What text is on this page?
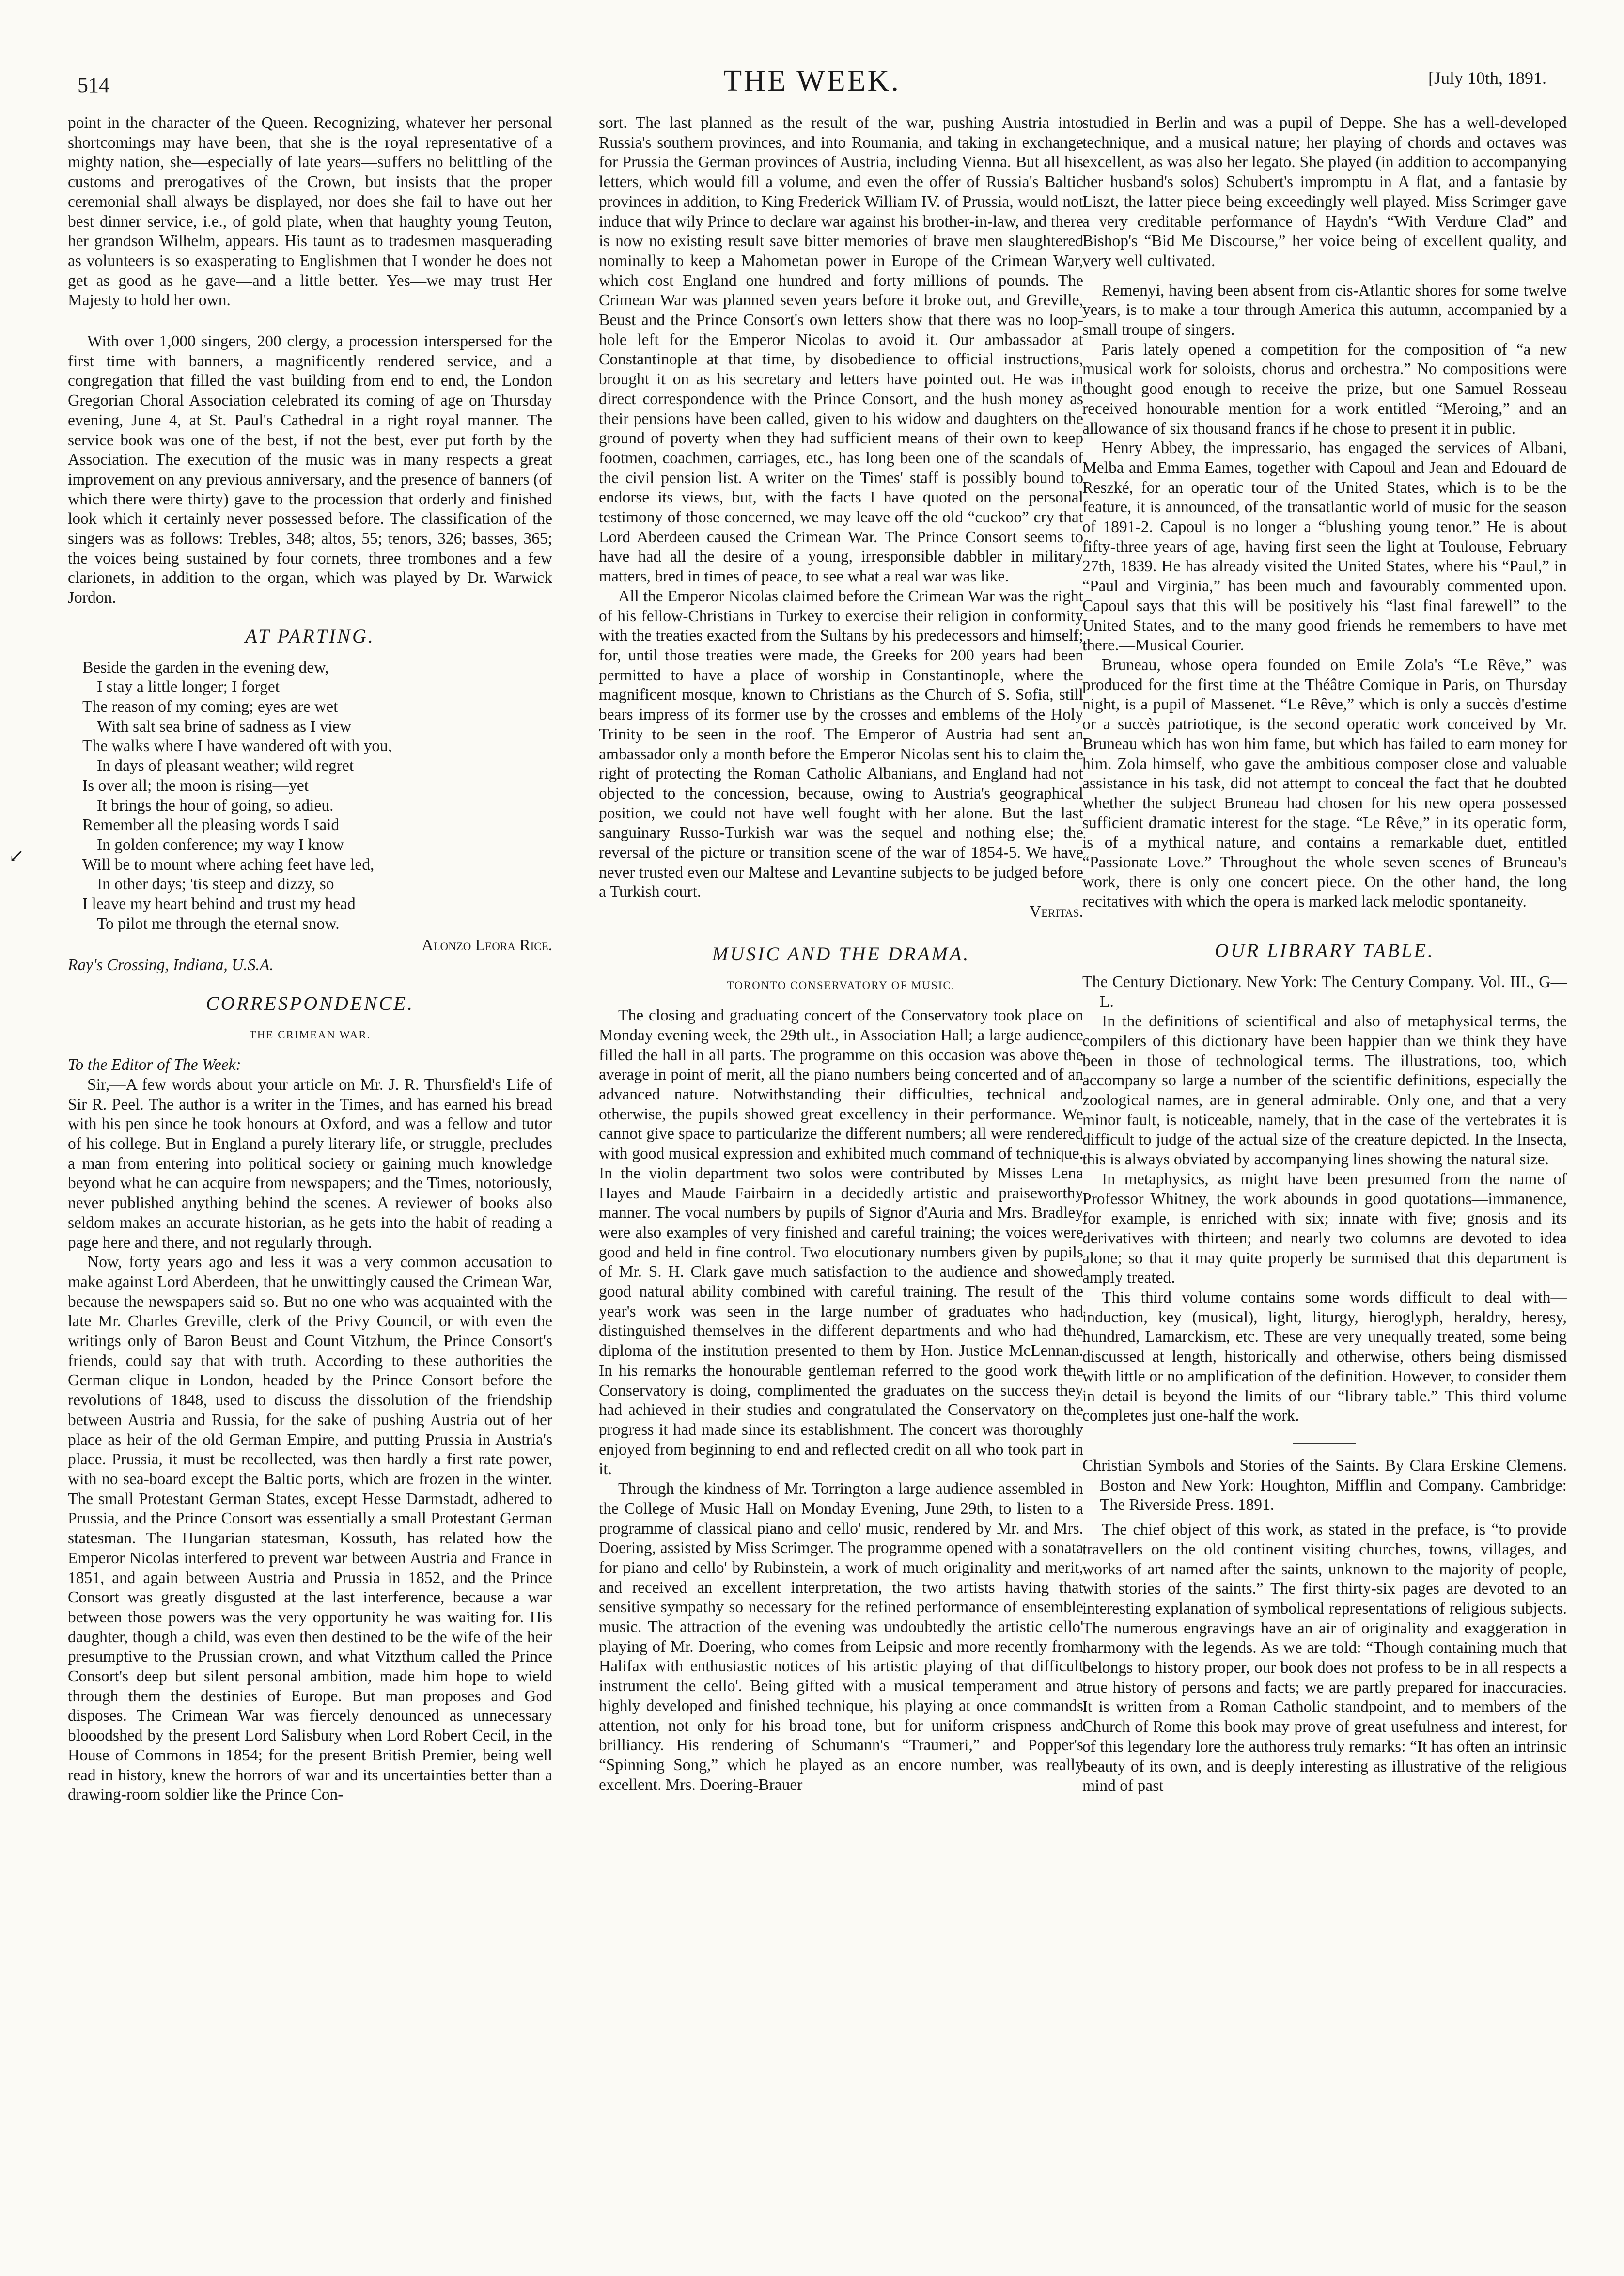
514	THE WEEK.	[July 10th, 1891.
↙

point in the character of the Queen. Recognizing, whatever her personal shortcomings may have been, that she is the royal representative of a mighty nation, she—especially of late years—suffers no belittling of the customs and prerogatives of the Crown, but insists that the proper ceremonial shall always be displayed, nor does she fail to have out her best dinner service, i.e., of gold plate, when that haughty young Teuton, her grandson Wilhelm, appears. His taunt as to tradesmen masquerading as volunteers is so exasperating to Englishmen that I wonder he does not get as good as he gave—and a little better. Yes—we may trust Her Majesty to hold her own.

With over 1,000 singers, 200 clergy, a procession interspersed for the first time with banners, a magnificently rendered service, and a congregation that filled the vast building from end to end, the London Gregorian Choral Association celebrated its coming of age on Thursday evening, June 4, at St. Paul's Cathedral in a right royal manner. The service book was one of the best, if not the best, ever put forth by the Association. The execution of the music was in many respects a great improvement on any previous anniversary, and the presence of banners (of which there were thirty) gave to the procession that orderly and finished look which it certainly never possessed before. The classification of the singers was as follows: Trebles, 348; altos, 55; tenors, 326; basses, 365; the voices being sustained by four cornets, three trombones and a few clarionets, in addition to the organ, which was played by Dr. Warwick Jordon.

AT PARTING.
Beside the garden in the evening dew,
I stay a little longer; I forget
The reason of my coming; eyes are wet
With salt sea brine of sadness as I view
The walks where I have wandered oft with you,
In days of pleasant weather; wild regret
Is over all; the moon is rising—yet
It brings the hour of going, so adieu.
Remember all the pleasing words I said
In golden conference; my way I know
Will be to mount where aching feet have led,
In other days; 'tis steep and dizzy, so
I leave my heart behind and trust my head
To pilot me through the eternal snow.
Alonzo Leora Rice.
Ray's Crossing, Indiana, U.S.A.
CORRESPONDENCE.
THE CRIMEAN WAR.

To the Editor of The Week:

Sir,—A few words about your article on Mr. J. R. Thursfield's Life of Sir R. Peel. The author is a writer in the Times, and has earned his bread with his pen since he took honours at Oxford, and was a fellow and tutor of his college. But in England a purely literary life, or struggle, precludes a man from entering into political society or gaining much knowledge beyond what he can acquire from newspapers; and the Times, notoriously, never published anything behind the scenes. A reviewer of books also seldom makes an accurate historian, as he gets into the habit of reading a page here and there, and not regularly through.

Now, forty years ago and less it was a very common accusation to make against Lord Aberdeen, that he unwittingly caused the Crimean War, because the newspapers said so. But no one who was acquainted with the late Mr. Charles Greville, clerk of the Privy Council, or with even the writings only of Baron Beust and Count Vitzhum, the Prince Consort's friends, could say that with truth. According to these authorities the German clique in London, headed by the Prince Consort before the revolutions of 1848, used to discuss the dissolution of the friendship between Austria and Russia, for the sake of pushing Austria out of her place as heir of the old German Empire, and putting Prussia in Austria's place. Prussia, it must be recollected, was then hardly a first rate power, with no sea-board except the Baltic ports, which are frozen in the winter. The small Protestant German States, except Hesse Darmstadt, adhered to Prussia, and the Prince Consort was essentially a small Protestant German statesman. The Hungarian statesman, Kossuth, has related how the Emperor Nicolas interfered to prevent war between Austria and France in 1851, and again between Austria and Prussia in 1852, and the Prince Consort was greatly disgusted at the last interference, because a war between those powers was the very opportunity he was waiting for. His daughter, though a child, was even then destined to be the wife of the heir presumptive to the Prussian crown, and what Vitzthum called the Prince Consort's deep but silent personal ambition, made him hope to wield through them the destinies of Europe. But man proposes and God disposes. The Crimean War was fiercely denounced as unnecessary blooodshed by the present Lord Salisbury when Lord Robert Cecil, in the House of Commons in 1854; for the present British Premier, being well read in history, knew the horrors of war and its uncertainties better than a drawing-room soldier like the Prince Con-

sort. The last planned as the result of the war, pushing Austria into Russia's southern provinces, and into Roumania, and taking in exchange for Prussia the German provinces of Austria, including Vienna. But all his letters, which would fill a volume, and even the offer of Russia's Baltic provinces in addition, to King Frederick William IV. of Prussia, would not induce that wily Prince to declare war against his brother-in-law, and there is now no existing result save bitter memories of brave men slaughtered nominally to keep a Mahometan power in Europe of the Crimean War, which cost England one hundred and forty millions of pounds. The Crimean War was planned seven years before it broke out, and Greville, Beust and the Prince Consort's own letters show that there was no loop-hole left for the Emperor Nicolas to avoid it. Our ambassador at Constantinople at that time, by disobedience to official instructions, brought it on as his secretary and letters have pointed out. He was in direct correspondence with the Prince Consort, and the hush money as their pensions have been called, given to his widow and daughters on the ground of poverty when they had sufficient means of their own to keep footmen, coachmen, carriages, etc., has long been one of the scandals of the civil pension list. A writer on the Times' staff is possibly bound to endorse its views, but, with the facts I have quoted on the personal testimony of those concerned, we may leave off the old “cuckoo” cry that Lord Aberdeen caused the Crimean War. The Prince Consort seems to have had all the desire of a young, irresponsible dabbler in military matters, bred in times of peace, to see what a real war was like.

All the Emperor Nicolas claimed before the Crimean War was the right of his fellow-Christians in Turkey to exercise their religion in conformity with the treaties exacted from the Sultans by his predecessors and himself; for, until those treaties were made, the Greeks for 200 years had been permitted to have a place of worship in Constantinople, where the magnificent mosque, known to Christians as the Church of S. Sofia, still bears impress of its former use by the crosses and emblems of the Holy Trinity to be seen in the roof. The Emperor of Austria had sent an ambassador only a month before the Emperor Nicolas sent his to claim the right of protecting the Roman Catholic Albanians, and England had not objected to the concession, because, owing to Austria's geographical position, we could not have well fought with her alone. But the last sanguinary Russo-Turkish war was the sequel and nothing else; the reversal of the picture or transition scene of the war of 1854-5. We have never trusted even our Maltese and Levantine subjects to be judged before a Turkish court.

Veritas.
MUSIC AND THE DRAMA.
TORONTO CONSERVATORY OF MUSIC.

The closing and graduating concert of the Conservatory took place on Monday evening week, the 29th ult., in Association Hall; a large audience filled the hall in all parts. The programme on this occasion was above the average in point of merit, all the piano numbers being concerted and of an advanced nature. Notwithstanding their difficulties, technical and otherwise, the pupils showed great excellency in their performance. We cannot give space to particularize the different numbers; all were rendered with good musical expression and exhibited much command of technique. In the violin department two solos were contributed by Misses Lena Hayes and Maude Fairbairn in a decidedly artistic and praiseworthy manner. The vocal numbers by pupils of Signor d'Auria and Mrs. Bradley were also examples of very finished and careful training; the voices were good and held in fine control. Two elocutionary numbers given by pupils of Mr. S. H. Clark gave much satisfaction to the audience and showed good natural ability combined with careful training. The result of the year's work was seen in the large number of graduates who had distinguished themselves in the different departments and who had the diploma of the institution presented to them by Hon. Justice McLennan. In his remarks the honourable gentleman referred to the good work the Conservatory is doing, complimented the graduates on the success they had achieved in their studies and congratulated the Conservatory on the progress it had made since its establishment. The concert was thoroughly enjoyed from beginning to end and reflected credit on all who took part in it.

Through the kindness of Mr. Torrington a large audience assembled in the College of Music Hall on Monday Evening, June 29th, to listen to a programme of classical piano and cello' music, rendered by Mr. and Mrs. Doering, assisted by Miss Scrimger. The programme opened with a sonata for piano and cello' by Rubinstein, a work of much originality and merit, and received an excellent interpretation, the two artists having that sensitive sympathy so necessary for the refined performance of ensemble music. The attraction of the evening was undoubtedly the artistic cello' playing of Mr. Doering, who comes from Leipsic and more recently from Halifax with enthusiastic notices of his artistic playing of that difficult instrument the cello'. Being gifted with a musical temperament and a highly developed and finished technique, his playing at once commands attention, not only for his broad tone, but for uniform crispness and brilliancy. His rendering of Schumann's “Traumeri,” and Popper's “Spinning Song,” which he played as an encore number, was really excellent. Mrs. Doering-Brauer

studied in Berlin and was a pupil of Deppe. She has a well-developed technique, and a musical nature; her playing of chords and octaves was excellent, as was also her legato. She played (in addition to accompanying her husband's solos) Schubert's impromptu in A flat, and a fantasie by Liszt, the latter piece being exceedingly well played. Miss Scrimger gave a very creditable performance of Haydn's “With Verdure Clad” and Bishop's “Bid Me Discourse,” her voice being of excellent quality, and very well cultivated.

Remenyi, having been absent from cis-Atlantic shores for some twelve years, is to make a tour through America this autumn, accompanied by a small troupe of singers.

Paris lately opened a competition for the composition of “a new musical work for soloists, chorus and orchestra.” No compositions were thought good enough to receive the prize, but one Samuel Rosseau received honourable mention for a work entitled “Meroing,” and an allowance of six thousand francs if he chose to present it in public.

Henry Abbey, the impressario, has engaged the services of Albani, Melba and Emma Eames, together with Capoul and Jean and Edouard de Reszké, for an operatic tour of the United States, which is to be the feature, it is announced, of the transatlantic world of music for the season of 1891-2. Capoul is no longer a “blushing young tenor.” He is about fifty-three years of age, having first seen the light at Toulouse, February 27th, 1839. He has already visited the United States, where his “Paul,” in “Paul and Virginia,” has been much and favourably commented upon. Capoul says that this will be positively his “last final farewell” to the United States, and to the many good friends he remembers to have met there.—Musical Courier.

Bruneau, whose opera founded on Emile Zola's “Le Rêve,” was produced for the first time at the Théâtre Comique in Paris, on Thursday night, is a pupil of Massenet. “Le Rêve,” which is only a succès d'estime or a succès patriotique, is the second operatic work conceived by Mr. Bruneau which has won him fame, but which has failed to earn money for him. Zola himself, who gave the ambitious composer close and valuable assistance in his task, did not attempt to conceal the fact that he doubted whether the subject Bruneau had chosen for his new opera possessed sufficient dramatic interest for the stage. “Le Rêve,” in its operatic form, is of a mythical nature, and contains a remarkable duet, entitled “Passionate Love.” Throughout the whole seven scenes of Bruneau's work, there is only one concert piece. On the other hand, the long recitatives with which the opera is marked lack melodic spontaneity.

OUR LIBRARY TABLE.

The Century Dictionary. New York: The Century Company. Vol. III., G—L.

In the definitions of scientifical and also of metaphysical terms, the compilers of this dictionary have been happier than we think they have been in those of technological terms. The illustrations, too, which accompany so large a number of the scientific definitions, especially the zoological names, are in general admirable. Only one, and that a very minor fault, is noticeable, namely, that in the case of the vertebrates it is difficult to judge of the actual size of the creature depicted. In the Insecta, this is always obviated by accompanying lines showing the natural size.

In metaphysics, as might have been presumed from the name of Professor Whitney, the work abounds in good quotations—immanence, for example, is enriched with six; innate with five; gnosis and its derivatives with thirteen; and nearly two columns are devoted to idea alone; so that it may quite properly be surmised that this department is amply treated.

This third volume contains some words difficult to deal with—induction, key (musical), light, liturgy, hieroglyph, heraldry, heresy, hundred, Lamarckism, etc. These are very unequally treated, some being discussed at length, historically and otherwise, others being dismissed with little or no amplification of the definition. However, to consider them in detail is beyond the limits of our “library table.” This third volume completes just one-half the work.

Christian Symbols and Stories of the Saints. By Clara Erskine Clemens. Boston and New York: Houghton, Mifflin and Company. Cambridge: The Riverside Press. 1891.

The chief object of this work, as stated in the preface, is “to provide travellers on the old continent visiting churches, towns, villages, and works of art named after the saints, unknown to the majority of people, with stories of the saints.” The first thirty-six pages are devoted to an interesting explanation of symbolical representations of religious subjects. The numerous engravings have an air of originality and exaggeration in harmony with the legends. As we are told: “Though containing much that belongs to history proper, our book does not profess to be in all respects a true history of persons and facts; we are partly prepared for inaccuracies. It is written from a Roman Catholic standpoint, and to members of the Church of Rome this book may prove of great usefulness and interest, for of this legendary lore the authoress truly remarks: “It has often an intrinsic beauty of its own, and is deeply interesting as illustrative of the religious mind of past
